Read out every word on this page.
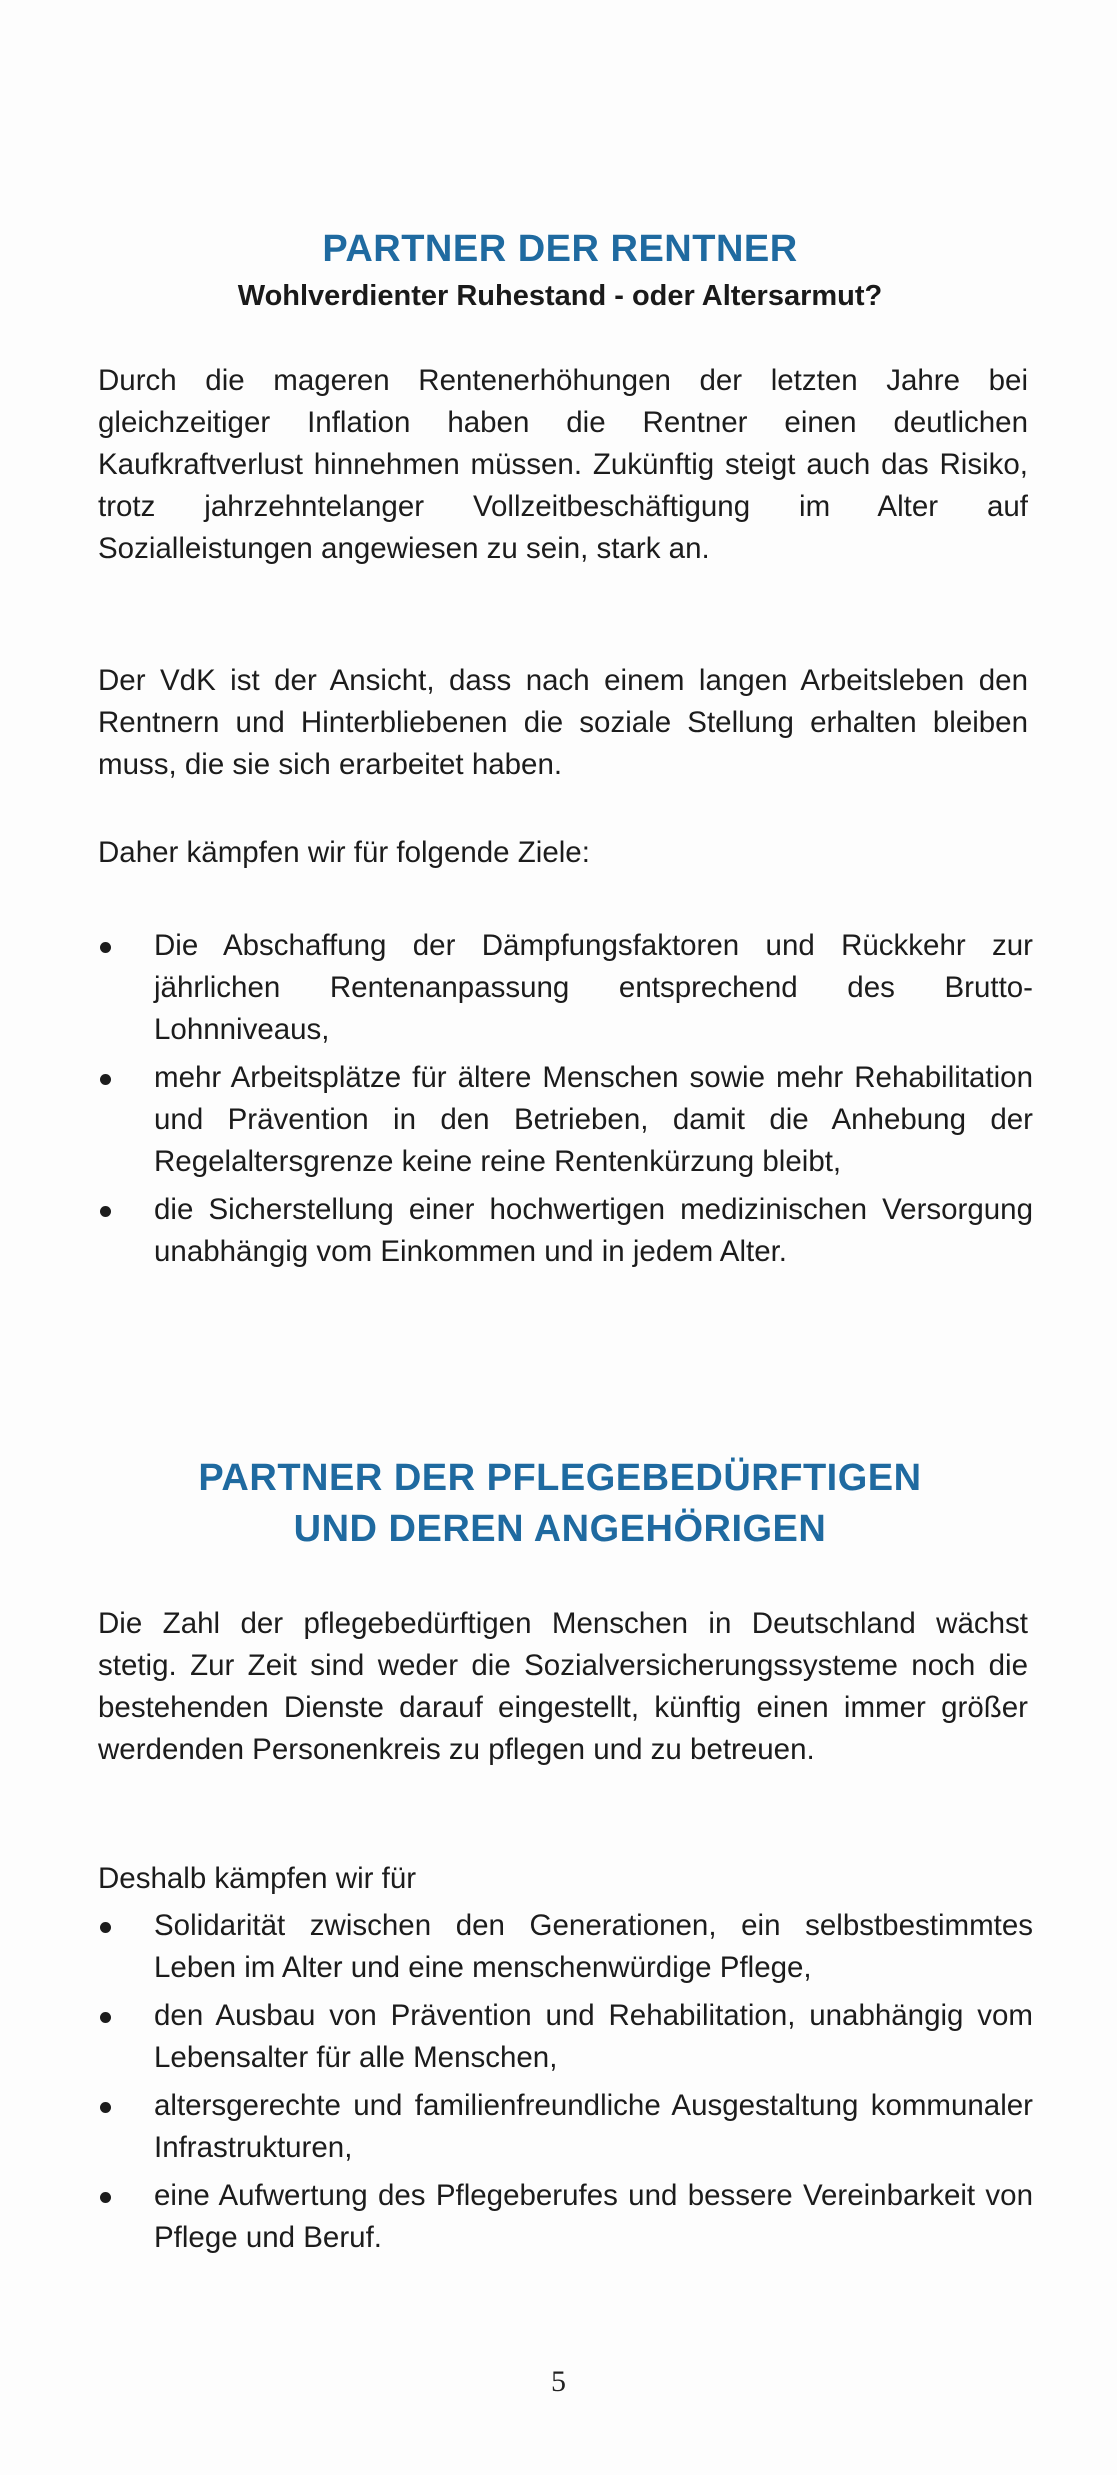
PARTNER DER RENTNER
Wohlverdienter Ruhestand - oder Altersarmut?

Durch die mageren Rentenerhöhungen der letzten Jahre bei gleichzeitiger Inflation haben die Rentner einen deutlichen Kaufkraftverlust hinnehmen müssen. Zukünftig steigt auch das Risiko, trotz jahrzehntelanger Vollzeitbeschäftigung im Alter auf Sozialleistungen angewiesen zu sein, stark an.

Der VdK ist der Ansicht, dass nach einem langen Arbeitsleben den Rentnern und Hinterbliebenen die soziale Stellung erhalten bleiben muss, die sie sich erarbeitet haben.

Daher kämpfen wir für folgende Ziele:

Die Abschaffung der Dämpfungsfaktoren und Rückkehr zur jährlichen Rentenanpassung entsprechend des Brutto-Lohnniveaus,
mehr Arbeitsplätze für ältere Menschen sowie mehr Rehabilitation und Prävention in den Betrieben, damit die Anhebung der Regelaltersgrenze keine reine Rentenkürzung bleibt,
die Sicherstellung einer hochwertigen medizinischen Versorgung unabhängig vom Einkommen und in jedem Alter.
PARTNER DER PFLEGEBEDÜRFTIGEN
UND DEREN ANGEHÖRIGEN

Die Zahl der pflegebedürftigen Menschen in Deutschland wächst stetig. Zur Zeit sind weder die Sozialversicherungssysteme noch die bestehenden Dienste darauf eingestellt, künftig einen immer größer werdenden Personenkreis zu pflegen und zu betreuen.

Deshalb kämpfen wir für

Solidarität zwischen den Generationen, ein selbstbestimmtes Leben im Alter und eine menschenwürdige Pflege,
den Ausbau von Prävention und Rehabilitation, unabhängig vom Lebensalter für alle Menschen,
altersgerechte und familienfreundliche Ausgestaltung kommunaler Infrastrukturen,
eine Aufwertung des Pflegeberufes und bessere Vereinbarkeit von Pflege und Beruf.
5
